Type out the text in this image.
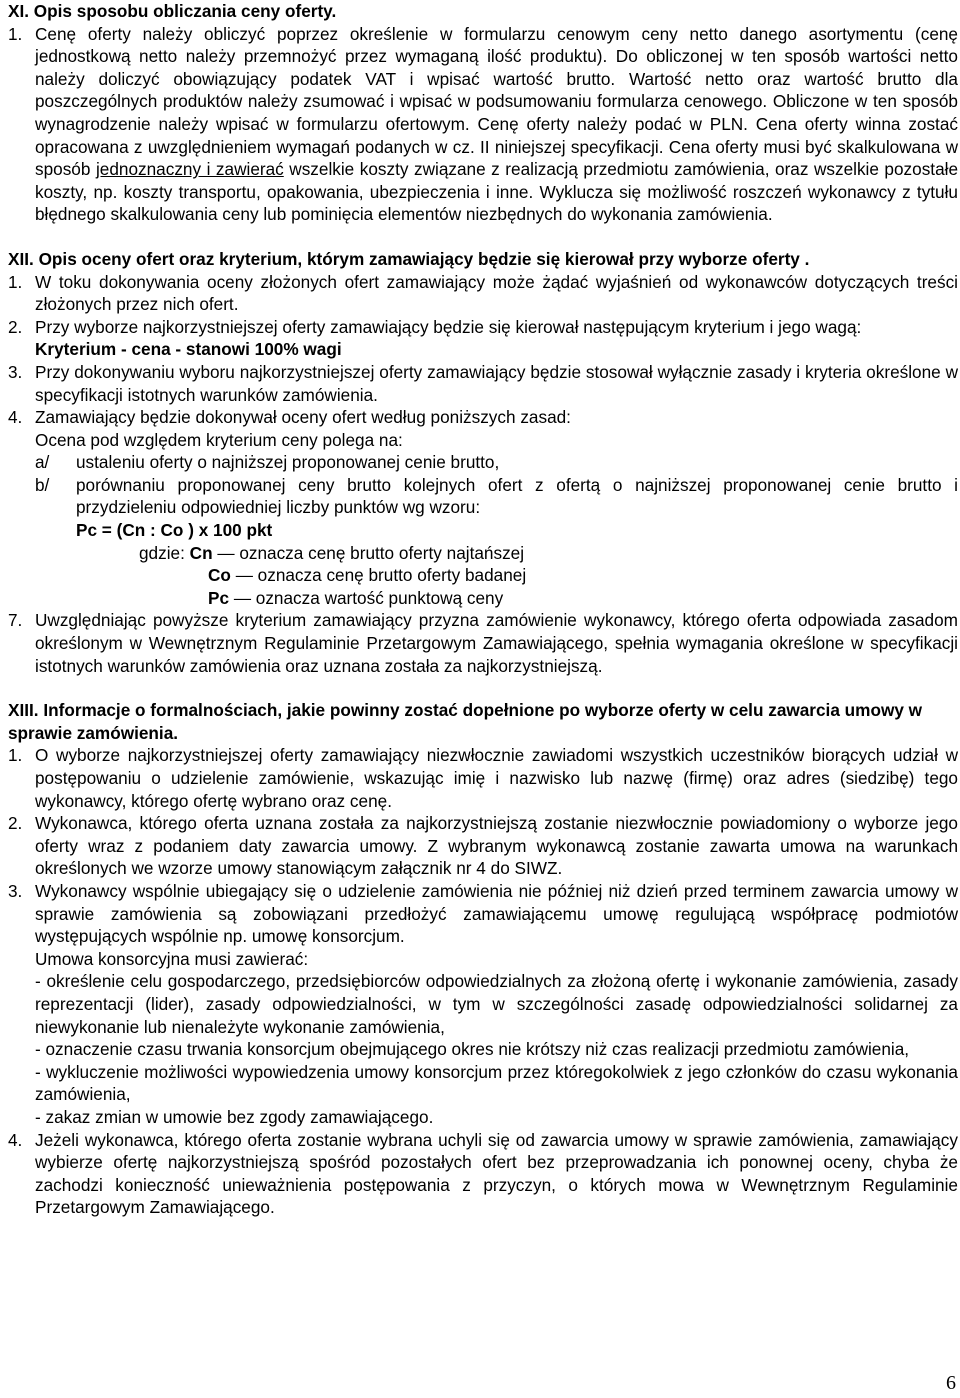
XI. Opis sposobu obliczania ceny oferty.

1. Cenę oferty należy obliczyć poprzez określenie w formularzu cenowym ceny netto danego asortymentu (cenę jednostkową netto należy przemnożyć przez wymaganą ilość produktu). Do obliczonej w ten sposób wartości netto należy doliczyć obowiązujący podatek VAT i wpisać wartość brutto. Wartość netto oraz wartość brutto dla poszczególnych produktów należy zsumować i wpisać w podsumowaniu formularza cenowego. Obliczone w ten sposób wynagrodzenie należy wpisać w formularzu ofertowym. Cenę oferty należy podać w PLN. Cena oferty winna zostać opracowana z uwzględnieniem wymagań podanych w cz. II niniejszej specyfikacji. Cena oferty musi być skalkulowana w sposób jednoznaczny i zawierać wszelkie koszty związane z realizacją przedmiotu zamówienia, oraz wszelkie pozostałe koszty, np. koszty transportu, opakowania, ubezpieczenia i inne. Wyklucza się możliwość roszczeń wykonawcy z tytułu błędnego skalkulowania ceny lub pominięcia elementów niezbędnych do wykonania zamówienia.

XII. Opis oceny ofert oraz kryterium, którym zamawiający będzie się kierował przy wyborze oferty .

1. W toku dokonywania oceny złożonych ofert zamawiający może żądać wyjaśnień od wykonawców dotyczących treści złożonych przez nich ofert.
2. Przy wyborze najkorzystniejszej oferty zamawiający będzie się kierował następującym kryterium i jego wagą:
Kryterium - cena - stanowi 100% wagi
3. Przy dokonywaniu wyboru najkorzystniejszej oferty zamawiający będzie stosował wyłącznie zasady i kryteria określone w specyfikacji istotnych warunków zamówienia.
4. Zamawiający będzie dokonywał oceny ofert według poniższych zasad:

Ocena pod względem kryterium ceny polega na:

a/	ustaleniu oferty o najniższej proponowanej cenie brutto,
b/	porównaniu proponowanej ceny brutto kolejnych ofert z ofertą o najniższej proponowanej cenie brutto i przydzieleniu odpowiedniej liczby punktów wg wzoru:
Pc = (Cn : Co ) x 100 pkt
gdzie: Cn — oznacza cenę brutto oferty najtańszej
Co — oznacza cenę brutto oferty badanej
Pc — oznacza wartość punktową ceny
7. Uwzględniając powyższe kryterium zamawiający przyzna zamówienie wykonawcy, którego oferta odpowiada zasadom określonym w Wewnętrznym Regulaminie Przetargowym Zamawiającego, spełnia wymagania określone w specyfikacji istotnych warunków zamówienia oraz uznana została za najkorzystniejszą.

XIII. Informacje o formalnościach, jakie powinny zostać dopełnione po wyborze oferty w celu zawarcia umowy w sprawie zamówienia.

1. O wyborze najkorzystniejszej oferty zamawiający niezwłocznie zawiadomi wszystkich uczestników biorących udział w postępowaniu o udzielenie zamówienie, wskazując imię i nazwisko lub nazwę (firmę) oraz adres (siedzibę) tego wykonawcy, którego ofertę wybrano oraz cenę.
2. Wykonawca, którego oferta uznana została za najkorzystniejszą zostanie niezwłocznie powiadomiony o wyborze jego oferty wraz z podaniem daty zawarcia umowy. Z wybranym wykonawcą zostanie zawarta umowa na warunkach określonych we wzorze umowy stanowiącym załącznik nr 4 do SIWZ.
3. Wykonawcy wspólnie ubiegający się o udzielenie zamówienia nie później niż dzień przed terminem zawarcia umowy w sprawie zamówienia są zobowiązani przedłożyć zamawiającemu umowę regulującą współpracę podmiotów występujących wspólnie np. umowę konsorcjum.
Umowa konsorcyjna musi zawierać:
- określenie celu gospodarczego, przedsiębiorców odpowiedzialnych za złożoną ofertę i wykonanie zamówienia, zasady reprezentacji (lider), zasady odpowiedzialności, w tym w szczególności zasadę odpowiedzialności solidarnej za niewykonanie lub nienależyte wykonanie zamówienia,
- oznaczenie czasu trwania konsorcjum obejmującego okres nie krótszy niż czas realizacji przedmiotu zamówienia,
- wykluczenie możliwości wypowiedzenia umowy konsorcjum przez któregokolwiek z jego członków do czasu wykonania zamówienia,
- zakaz zmian w umowie bez zgody zamawiającego.
4. Jeżeli wykonawca, którego oferta zostanie wybrana uchyli się od zawarcia umowy w sprawie zamówienia, zamawiający wybierze ofertę najkorzystniejszą spośród pozostałych ofert bez przeprowadzania ich ponownej oceny, chyba że zachodzi konieczność unieważnienia postępowania z przyczyn, o których mowa w Wewnętrznym Regulaminie Przetargowym Zamawiającego.
6
